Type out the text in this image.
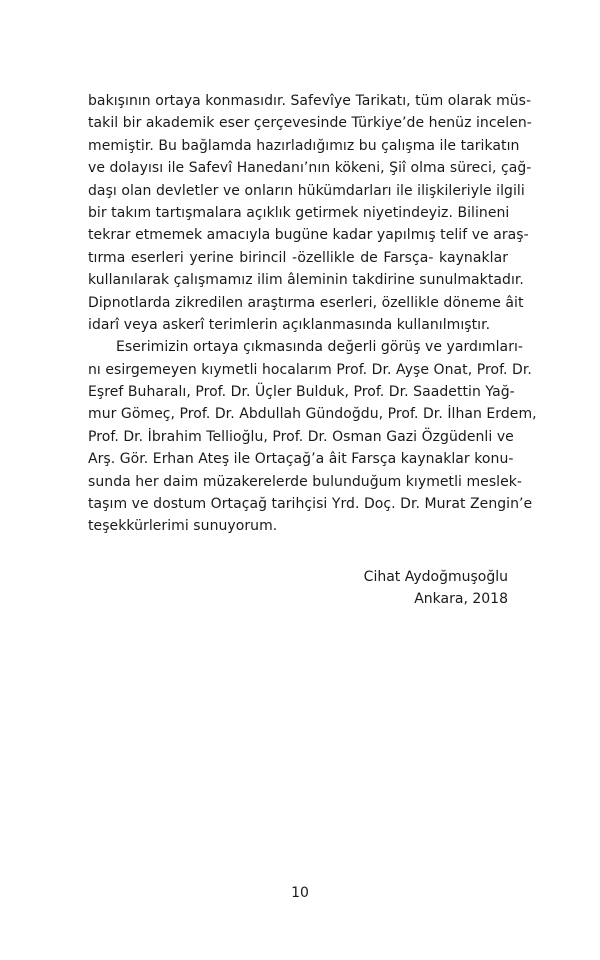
bakışının ortaya konmasıdır. Safevîye Tarikatı, tüm olarak müs-
takil bir akademik eser çerçevesinde Türkiye’de henüz incelen-
memiştir. Bu bağlamda hazırladığımız bu çalışma ile tarikatın
ve dolayısı ile Safevî Hanedanı’nın kökeni, Şiî olma süreci, çağ-
daşı olan devletler ve onların hükümdarları ile ilişkileriyle ilgili
bir takım tartışmalara açıklık getirmek niyetindeyiz. Bilineni
tekrar etmemek amacıyla bugüne kadar yapılmış telif ve araş-
tırma eserleri yerine birincil -özellikle de Farsça- kaynaklar
kullanılarak çalışmamız ilim âleminin takdirine sunulmaktadır.
Dipnotlarda zikredilen araştırma eserleri, özellikle döneme âit
idarî veya askerî terimlerin açıklanmasında kullanılmıştır.
Eserimizin ortaya çıkmasında değerli görüş ve yardımları-
nı esirgemeyen kıymetli hocalarım Prof. Dr. Ayşe Onat, Prof. Dr.
Eşref Buharalı, Prof. Dr. Üçler Bulduk, Prof. Dr. Saadettin Yağ-
mur Gömeç, Prof. Dr. Abdullah Gündoğdu, Prof. Dr. İlhan Erdem,
Prof. Dr. İbrahim Tellioğlu, Prof. Dr. Osman Gazi Özgüdenli ve
Arş. Gör. Erhan Ateş ile Ortaçağ’a âit Farsça kaynaklar konu-
sunda her daim müzakerelerde bulunduğum kıymetli meslek-
taşım ve dostum Ortaçağ tarihçisi Yrd. Doç. Dr. Murat Zengin’e
teşekkürlerimi sunuyorum.
Cihat Aydoğmuşoğlu
Ankara, 2018
10
